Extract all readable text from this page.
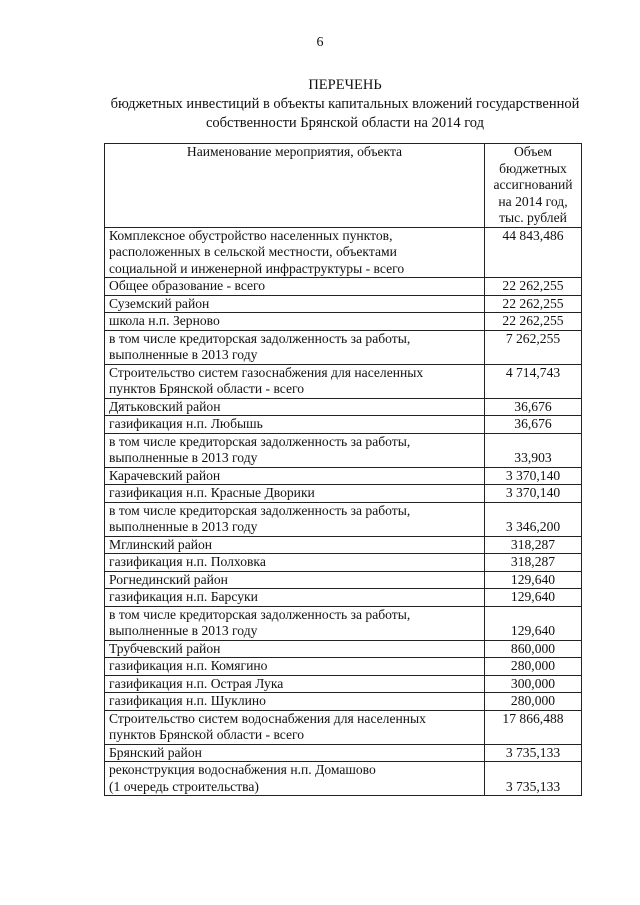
6
ПЕРЕЧЕНЬ
бюджетных инвестиций в объекты капитальных вложений государственной
собственности Брянской области на 2014 год
Наименование мероприятия, объекта	Объем
бюджетных
ассигнований
на 2014 год,
тыс. рублей
Комплексное обустройство населенных пунктов,
расположенных в сельской местности, объектами
социальной и инженерной инфраструктуры - всего	44 843,486
Общее образование - всего	22 262,255
Суземский район	22 262,255
школа н.п. Зерново	22 262,255
в том числе кредиторская задолженность за работы,
выполненные в 2013 году	7 262,255
Строительство систем газоснабжения для населенных
пунктов Брянской области - всего	4 714,743
Дятьковский район	36,676
газификация н.п. Любышь	36,676
в том числе кредиторская задолженность за работы,
выполненные в 2013 году	33,903
Карачевский район	3 370,140
газификация н.п. Красные Дворики	3 370,140
в том числе кредиторская задолженность за работы,
выполненные в 2013 году	3 346,200
Мглинский район	318,287
газификация н.п. Полховка	318,287
Рогнединский район	129,640
газификация н.п. Барсуки	129,640
в том числе кредиторская задолженность за работы,
выполненные в 2013 году	129,640
Трубчевский район	860,000
газификация н.п. Комягино	280,000
газификация н.п. Острая Лука	300,000
газификация н.п. Шуклино	280,000
Строительство систем водоснабжения для населенных
пунктов Брянской области - всего	17 866,488
Брянский район	3 735,133
реконструкция водоснабжения н.п. Домашово
(1 очередь строительства)	3 735,133
